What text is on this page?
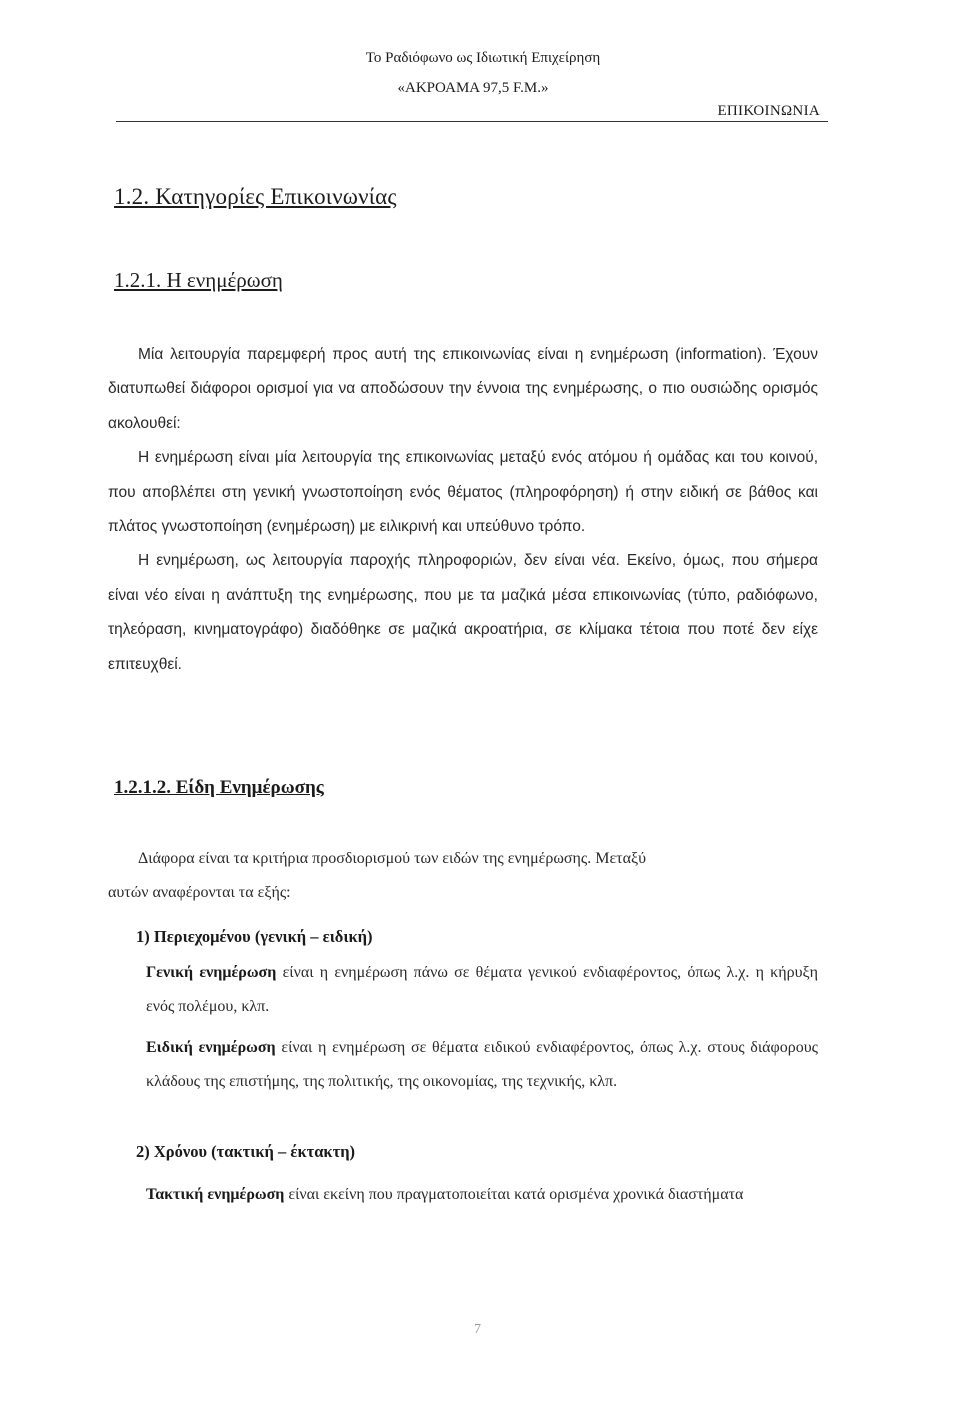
Το Ραδιόφωνο ως Ιδιωτική Επιχείρηση
«ΑΚΡΟΑΜΑ 97,5 F.M.»
ΕΠΙΚΟΙΝΩΝΙΑ
1.2. Κατηγορίες Επικοινωνίας
1.2.1. Η ενημέρωση

Μία λειτουργία παρεμφερή προς αυτή της επικοινωνίας είναι η ενημέρωση (information). Έχουν διατυπωθεί διάφοροι ορισμοί για να αποδώσουν την έννοια της ενημέρωσης, ο πιο ουσιώδης ορισμός ακολουθεί:

Η ενημέρωση είναι μία λειτουργία της επικοινωνίας μεταξύ ενός ατόμου ή ομάδας και του κοινού, που αποβλέπει στη γενική γνωστοποίηση ενός θέματος (πληροφόρηση) ή στην ειδική σε βάθος και πλάτος γνωστοποίηση (ενημέρωση) με ειλικρινή και υπεύθυνο τρόπο.

Η ενημέρωση, ως λειτουργία παροχής πληροφοριών, δεν είναι νέα. Εκείνο, όμως, που σήμερα είναι νέο είναι η ανάπτυξη της ενημέρωσης, που με τα μαζικά μέσα επικοινωνίας (τύπο, ραδιόφωνο, τηλεόραση, κινηματογράφο) διαδόθηκε σε μαζικά ακροατήρια, σε κλίμακα τέτοια που ποτέ δεν είχε επιτευχθεί.

1.2.1.2. Είδη Ενημέρωσης

Διάφορα είναι τα κριτήρια προσδιορισμού των ειδών της ενημέρωσης. Μεταξύ

αυτών αναφέρονται τα εξής:

1) Περιεχομένου (γενική – ειδική)
Γενική ενημέρωση είναι η ενημέρωση πάνω σε θέματα γενικού ενδιαφέροντος, όπως λ.χ. η κήρυξη ενός πολέμου, κλπ.
Ειδική ενημέρωση είναι η ενημέρωση σε θέματα ειδικού ενδιαφέροντος, όπως λ.χ. στους διάφορους κλάδους της επιστήμης, της πολιτικής, της οικονομίας, της τεχνικής, κλπ.
2) Χρόνου (τακτική – έκτακτη)
Τακτική ενημέρωση είναι εκείνη που πραγματοποιείται κατά ορισμένα χρονικά διαστήματα
7
